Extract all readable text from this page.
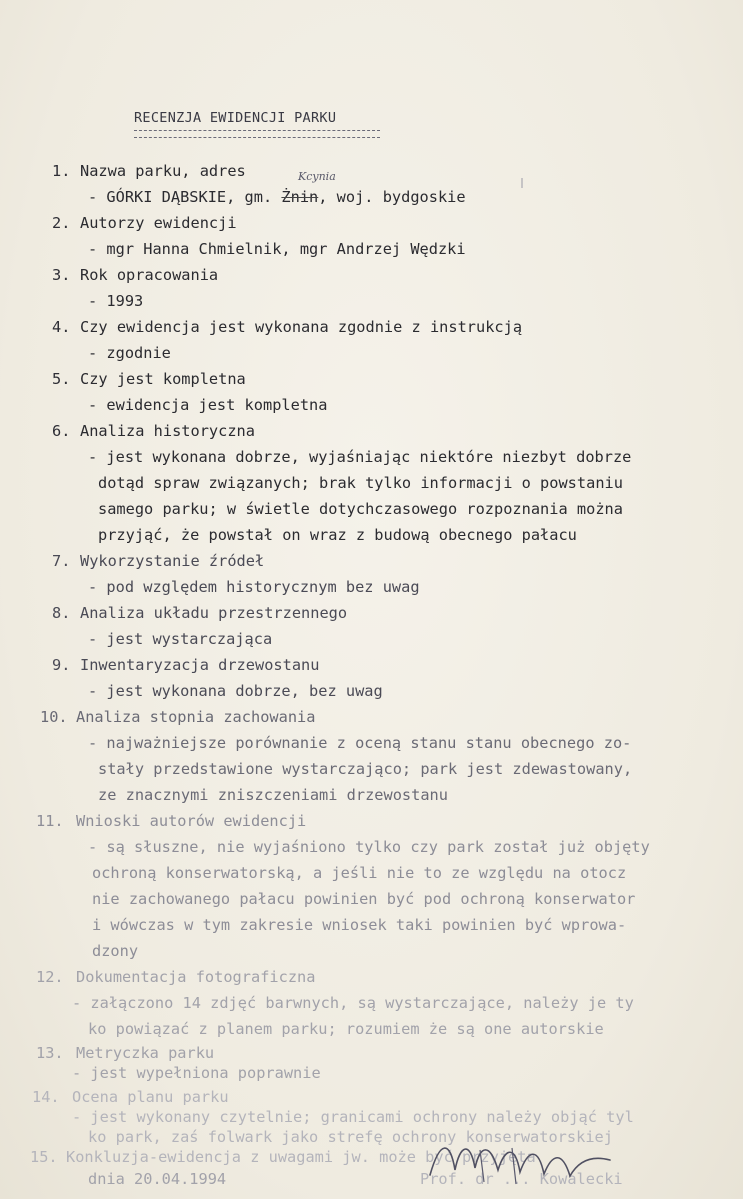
RECENZJA EWIDENCJI PARKU
1. Nazwa parku, adres
- GÓRKI DĄBSKIE, gm. Żnin, woj. bydgoskie
Kcynia
2. Autorzy ewidencji
- mgr Hanna Chmielnik, mgr Andrzej Wędzki
3. Rok opracowania
- 1993
4. Czy ewidencja jest wykonana zgodnie z instrukcją
- zgodnie
5. Czy jest kompletna
- ewidencja jest kompletna
6. Analiza historyczna
- jest wykonana dobrze, wyjaśniając niektóre niezbyt dobrze
dotąd spraw związanych; brak tylko informacji o powstaniu
samego parku; w świetle dotychczasowego rozpoznania można
przyjąć, że powstał on wraz z budową obecnego pałacu
7. Wykorzystanie źródeł
- pod względem historycznym bez uwag
8. Analiza układu przestrzennego
- jest wystarczająca
9. Inwentaryzacja drzewostanu
- jest wykonana dobrze, bez uwag
10. Analiza stopnia zachowania
- najważniejsze porównanie z oceną stanu stanu obecnego zo-
stały przedstawione wystarczająco; park jest zdewastowany,
ze znacznymi zniszczeniami drzewostanu
11. Wnioski autorów ewidencji
- są słuszne, nie wyjaśniono tylko czy park został już objęty
ochroną konserwatorską, a jeśli nie to ze względu na otocz
nie zachowanego pałacu powinien być pod ochroną konserwator
i wówczas w tym zakresie wniosek taki powinien być wprowa-
dzony
12. Dokumentacja fotograficzna
- załączono 14 zdjęć barwnych, są wystarczające, należy je ty
ko powiązać z planem parku; rozumiem że są one autorskie
13. Metryczka parku
- jest wypełniona poprawnie
14. Ocena planu parku
- jest wykonany czytelnie; granicami ochrony należy objąć tyl
ko park, zaś folwark jako strefę ochrony konserwatorskiej
15. Konkluzja-ewidencja z uwagami jw. może być przyjęta
dnia 20.04.1994	Prof. dr ... Kowalecki
